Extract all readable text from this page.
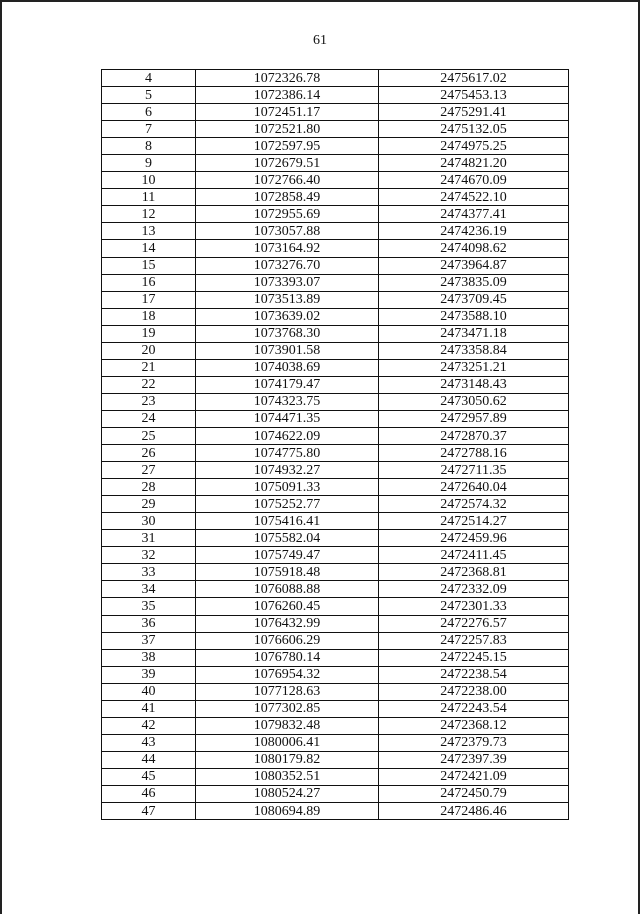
61
4	1072326.78	2475617.02
5	1072386.14	2475453.13
6	1072451.17	2475291.41
7	1072521.80	2475132.05
8	1072597.95	2474975.25
9	1072679.51	2474821.20
10	1072766.40	2474670.09
11	1072858.49	2474522.10
12	1072955.69	2474377.41
13	1073057.88	2474236.19
14	1073164.92	2474098.62
15	1073276.70	2473964.87
16	1073393.07	2473835.09
17	1073513.89	2473709.45
18	1073639.02	2473588.10
19	1073768.30	2473471.18
20	1073901.58	2473358.84
21	1074038.69	2473251.21
22	1074179.47	2473148.43
23	1074323.75	2473050.62
24	1074471.35	2472957.89
25	1074622.09	2472870.37
26	1074775.80	2472788.16
27	1074932.27	2472711.35
28	1075091.33	2472640.04
29	1075252.77	2472574.32
30	1075416.41	2472514.27
31	1075582.04	2472459.96
32	1075749.47	2472411.45
33	1075918.48	2472368.81
34	1076088.88	2472332.09
35	1076260.45	2472301.33
36	1076432.99	2472276.57
37	1076606.29	2472257.83
38	1076780.14	2472245.15
39	1076954.32	2472238.54
40	1077128.63	2472238.00
41	1077302.85	2472243.54
42	1079832.48	2472368.12
43	1080006.41	2472379.73
44	1080179.82	2472397.39
45	1080352.51	2472421.09
46	1080524.27	2472450.79
47	1080694.89	2472486.46
